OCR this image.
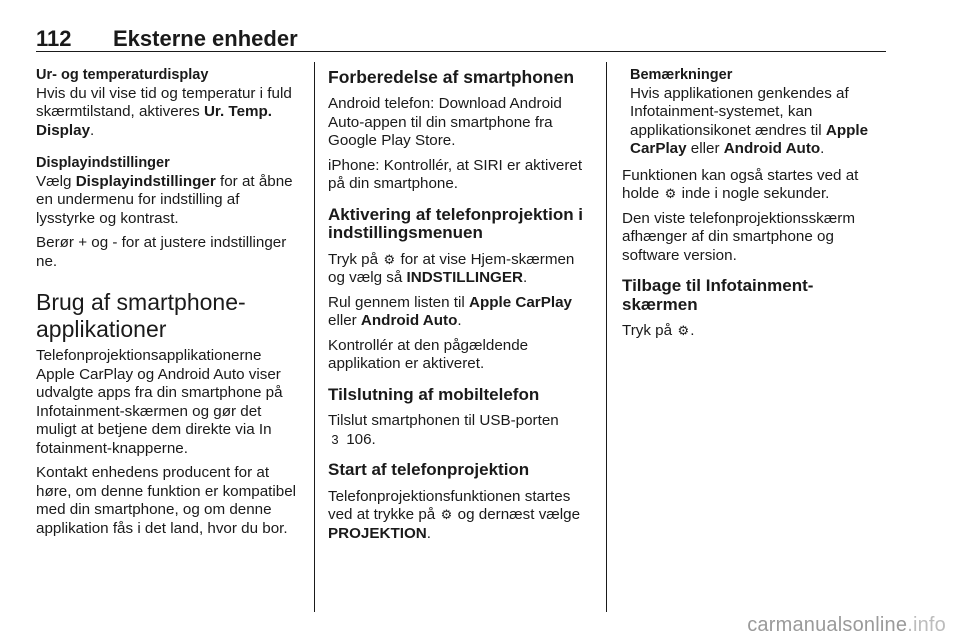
112 Eksterne enheder
Ur- og temperaturdisplay

Hvis du vil vise tid og temperatur i fuld skærmtilstand, aktiveres Ur. Temp. Display.

Displayindstillinger

Vælg Displayindstillinger for at åbne en undermenu for indstilling af lysstyrke og kontrast.

Berør + og - for at justere indstillinger ne.

Brug af smartphone-applikationer

Telefonprojektionsapplikationerne Apple CarPlay og Android Auto viser udvalgte apps fra din smartphone på Infotainment-skærmen og gør det muligt at betjene dem direkte via In fotainment-knapperne.

Kontakt enhedens producent for at høre, om denne funktion er kompatibel med din smartphone, og om denne applikation fås i det land, hvor du bor.

Forberedelse af smartphonen

Android telefon: Download Android Auto-appen til din smartphone fra Google Play Store.

iPhone: Kontrollér, at SIRI er aktiveret på din smartphone.

Aktivering af telefonprojektion i indstillingsmenuen

Tryk på ⚙ for at vise Hjem-skærmen og vælg så INDSTILLINGER.

Rul gennem listen til Apple CarPlay eller Android Auto.

Kontrollér at den pågældende applikation er aktiveret.

Tilslutning af mobiltelefon

Tilslut smartphonen til USB-porten
3 106.

Start af telefonprojektion

Telefonprojektionsfunktionen startes ved at trykke på ⚙ og dernæst vælge PROJEKTION.

Bemærkninger

Hvis applikationen genkendes af Infotainment-systemet, kan applikationsikonet ændres til Apple CarPlay eller Android Auto.

Funktionen kan også startes ved at holde ⚙ inde i nogle sekunder.

Den viste telefonprojektionsskærm afhænger af din smartphone og software version.

Tilbage til Infotainment-skærmen

Tryk på ⚙.

carmanualsonline.info
